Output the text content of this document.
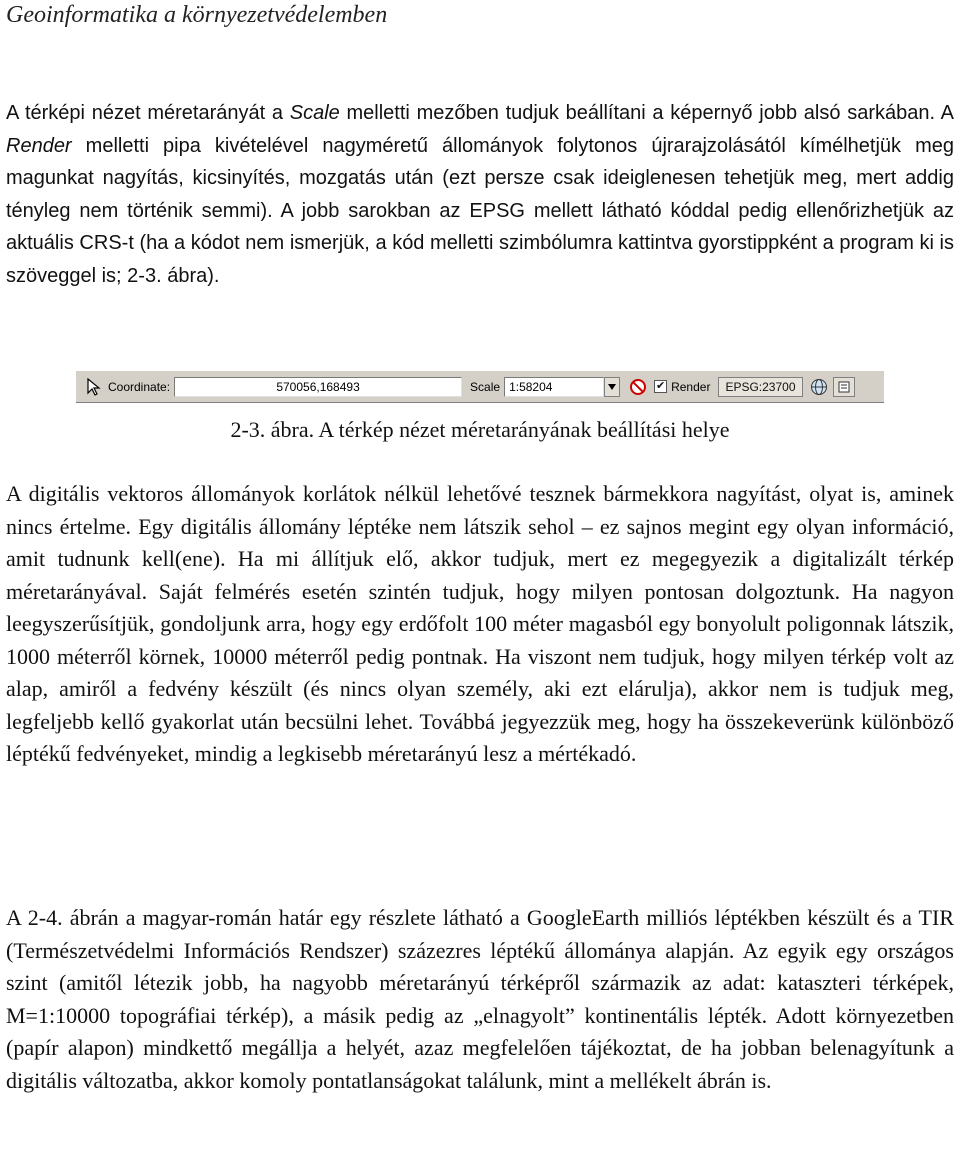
Geoinformatika a környezetvédelemben

A térképi nézet méretarányát a Scale melletti mezőben tudjuk beállítani a képernyő jobb alsó sarkában. A Render melletti pipa kivételével nagyméretű állományok folytonos újrarajzolásától kímélhetjük meg magunkat nagyítás, kicsinyítés, mozgatás után (ezt persze csak ideiglenesen tehetjük meg, mert addig tényleg nem történik semmi). A jobb sarokban az EPSG mellett látható kóddal pedig ellenőrizhetjük az aktuális CRS-t (ha a kódot nem ismerjük, a kód melletti szimbólumra kattintva gyorstippként a program ki is szöveggel is; 2-3. ábra).

Coordinate:	570056,168493	Scale 1:58204	✔ Render	EPSG:23700
2-3. ábra. A térkép nézet méretarányának beállítási helye

A digitális vektoros állományok korlátok nélkül lehetővé tesznek bármekkora nagyítást, olyat is, aminek nincs értelme. Egy digitális állomány léptéke nem látszik sehol – ez sajnos megint egy olyan információ, amit tudnunk kell(ene). Ha mi állítjuk elő, akkor tudjuk, mert ez megegyezik a digitalizált térkép méretarányával. Saját felmérés esetén szintén tudjuk, hogy milyen pontosan dolgoztunk. Ha nagyon leegyszerűsítjük, gondoljunk arra, hogy egy erdőfolt 100 méter magasból egy bonyolult poligonnak látszik, 1000 méterről körnek, 10000 méterről pedig pontnak. Ha viszont nem tudjuk, hogy milyen térkép volt az alap, amiről a fedvény készült (és nincs olyan személy, aki ezt elárulja), akkor nem is tudjuk meg, legfeljebb kellő gyakorlat után becsülni lehet. Továbbá jegyezzük meg, hogy ha összekeverünk különböző léptékű fedvényeket, mindig a legkisebb méretarányú lesz a mértékadó.

A 2-4. ábrán a magyar-román határ egy részlete látható a GoogleEarth milliós léptékben készült és a TIR (Természetvédelmi Információs Rendszer) százezres léptékű állománya alapján. Az egyik egy országos szint (amitől létezik jobb, ha nagyobb méretarányú térképről származik az adat: kataszteri térképek, M=1:10000 topográfiai térkép), a másik pedig az „elnagyolt” kontinentális lépték. Adott környezetben (papír alapon) mindkettő megállja a helyét, azaz megfelelően tájékoztat, de ha jobban belenagyítunk a digitális változatba, akkor komoly pontatlanságokat találunk, mint a mellékelt ábrán is.
